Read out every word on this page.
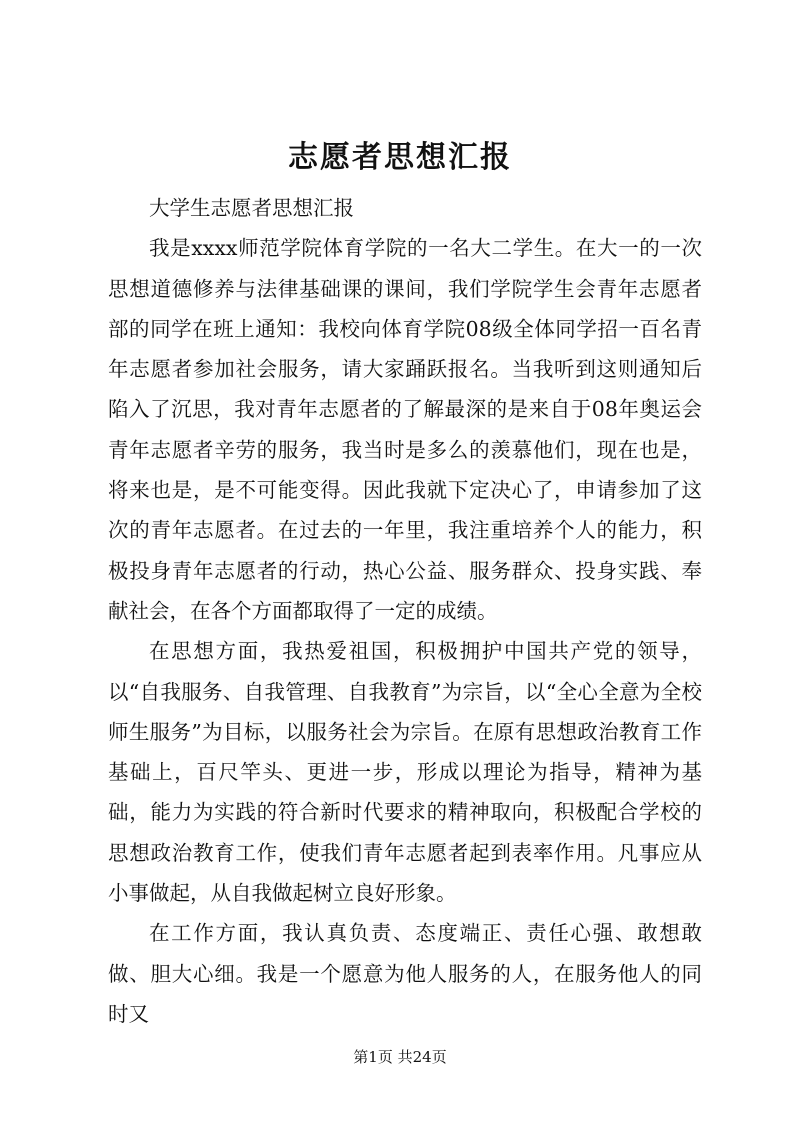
志愿者思想汇报

大学生志愿者思想汇报

我是xxxx师范学院体育学院的一名大二学生。在大一的一次思想道德修养与法律基础课的课间，我们学院学生会青年志愿者部的同学在班上通知：我校向体育学院08级全体同学招一百名青年志愿者参加社会服务，请大家踊跃报名。当我听到这则通知后陷入了沉思，我对青年志愿者的了解最深的是来自于08年奥运会青年志愿者辛劳的服务，我当时是多么的羡慕他们，现在也是，将来也是，是不可能变得。因此我就下定决心了，申请参加了这次的青年志愿者。在过去的一年里，我注重培养个人的能力，积极投身青年志愿者的行动，热心公益、服务群众、投身实践、奉献社会，在各个方面都取得了一定的成绩。

在思想方面，我热爱祖国，积极拥护中国共产党的领导，以“自我服务、自我管理、自我教育”为宗旨，以“全心全意为全校师生服务”为目标，以服务社会为宗旨。在原有思想政治教育工作基础上，百尺竿头、更进一步，形成以理论为指导，精神为基础，能力为实践的符合新时代要求的精神取向，积极配合学校的思想政治教育工作，使我们青年志愿者起到表率作用。凡事应从小事做起，从自我做起树立良好形象。

在工作方面，我认真负责、态度端正、责任心强、敢想敢做、胆大心细。我是一个愿意为他人服务的人，在服务他人的同时又

第1页 共24页
